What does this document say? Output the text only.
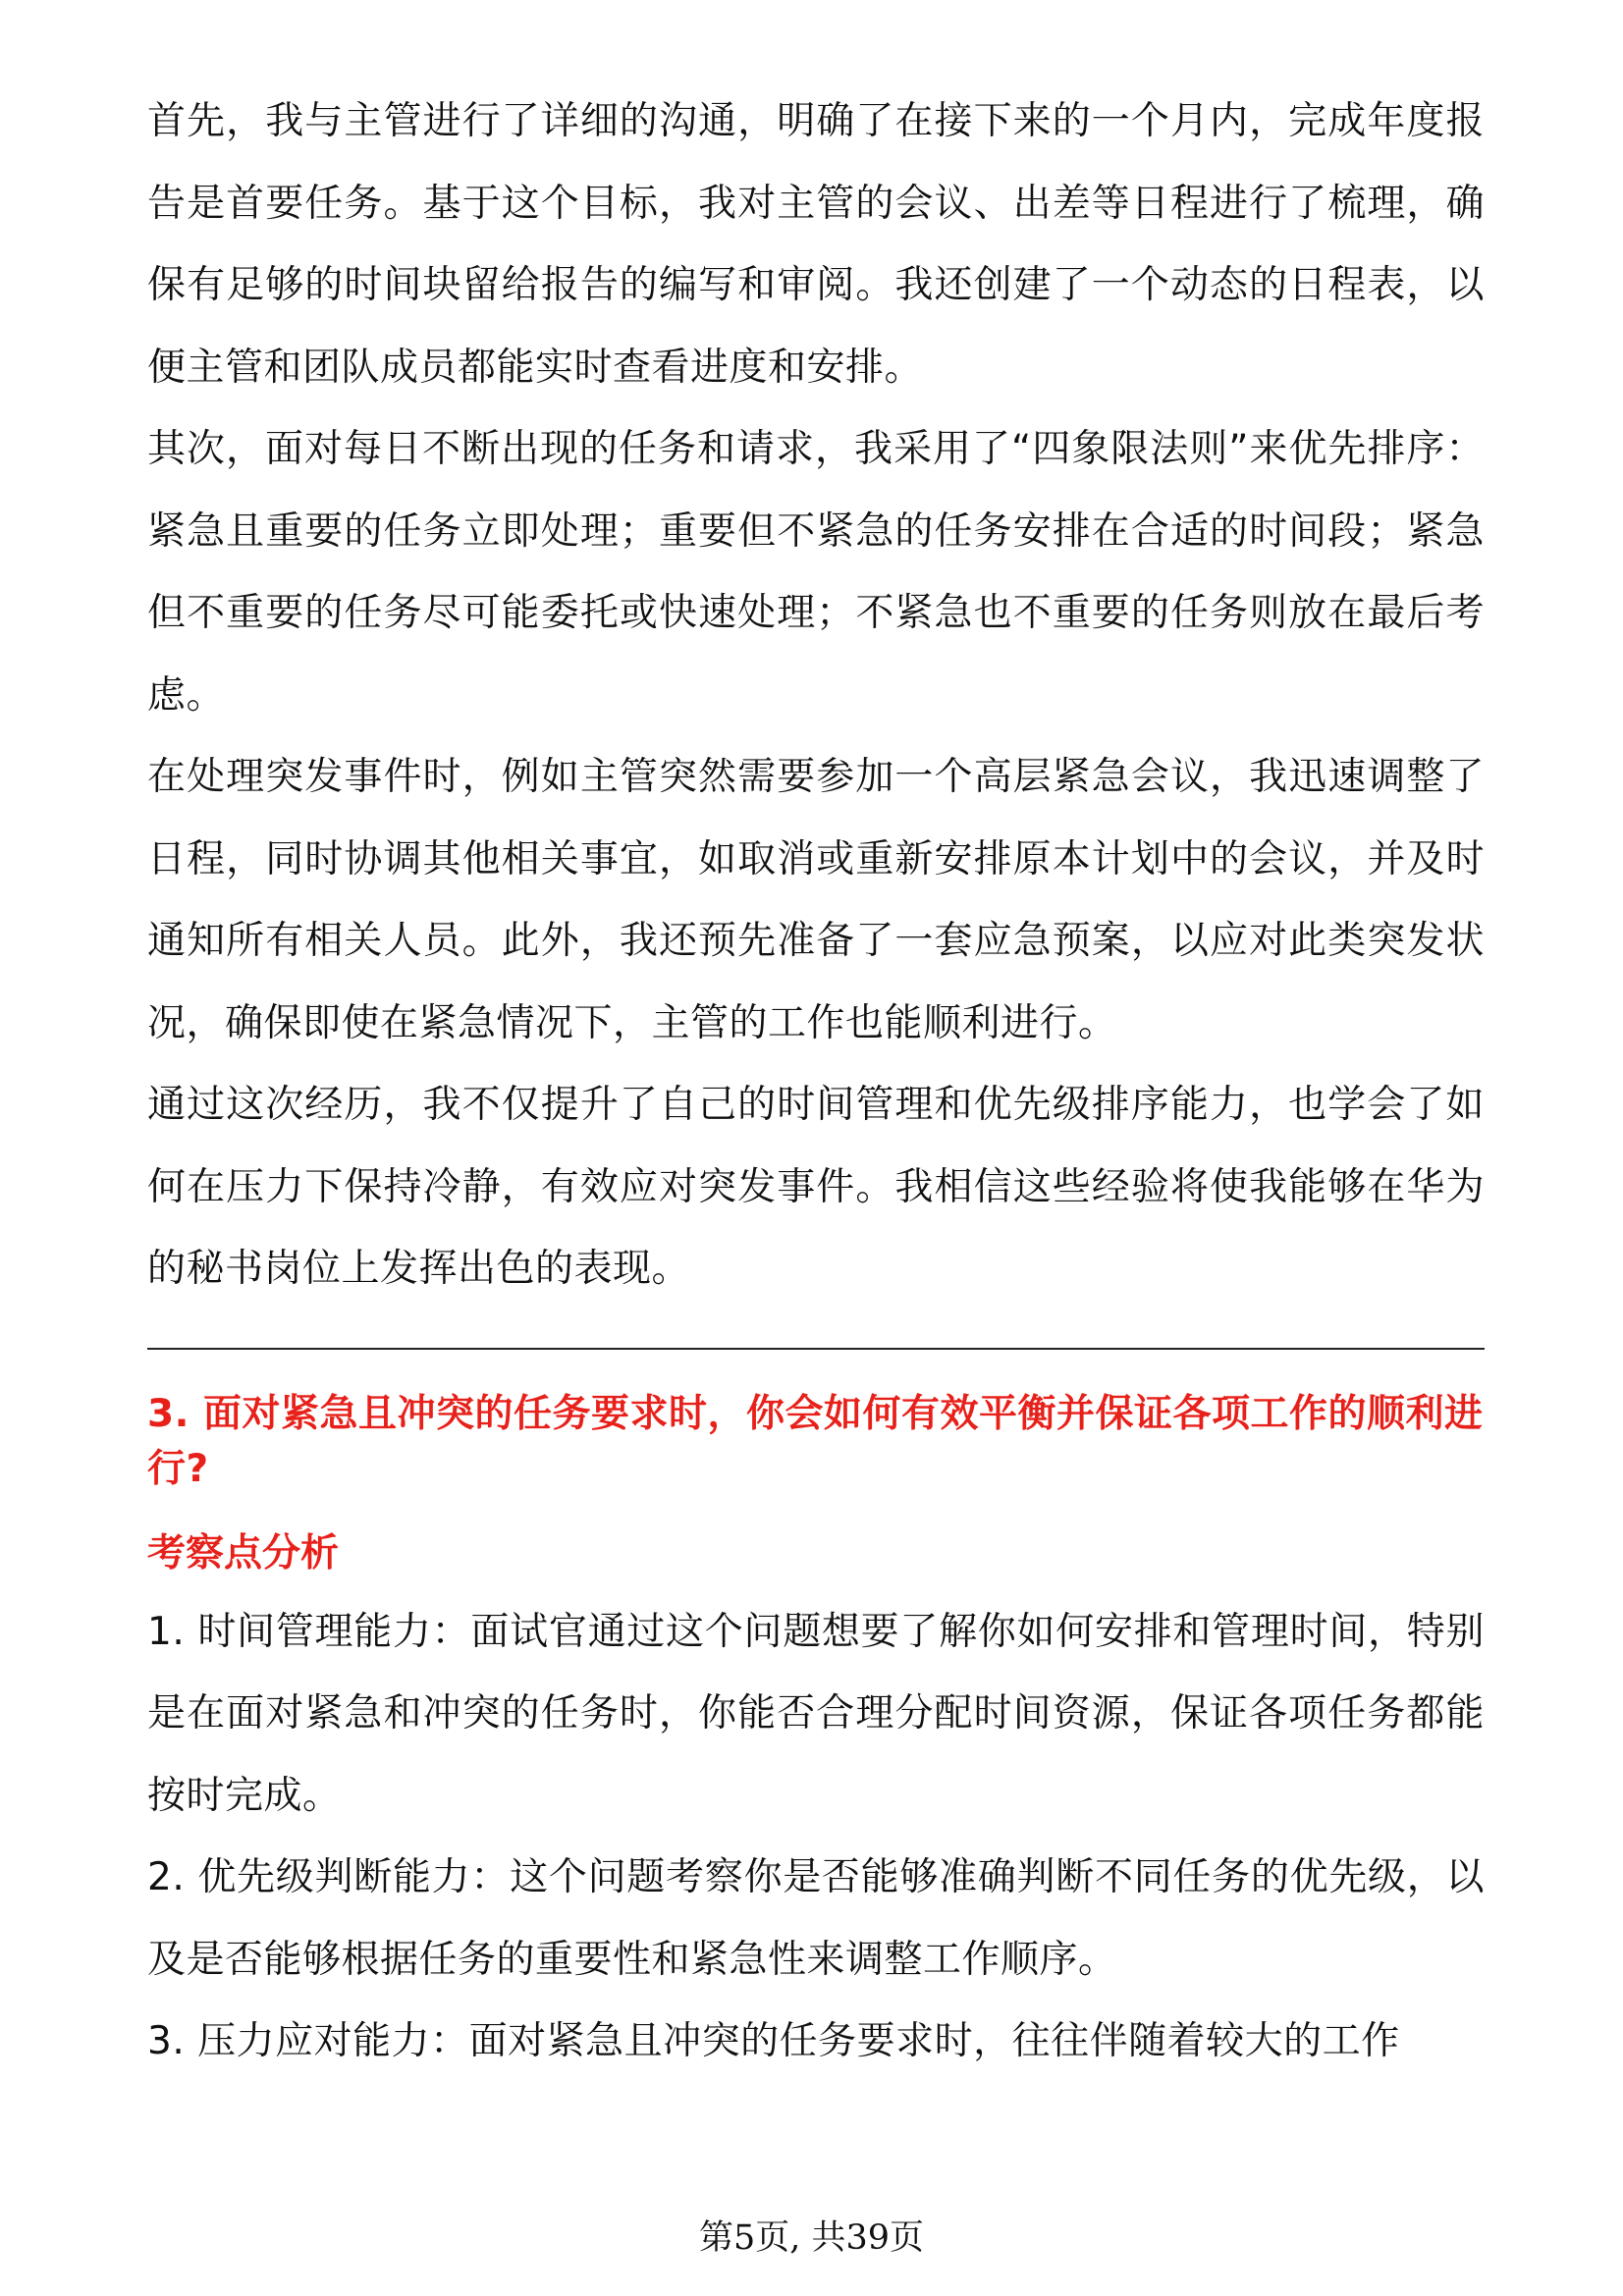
首先，我与主管进行了详细的沟通，明确了在接下来的一个月内，完成年度报告是首要任务。基于这个目标，我对主管的会议、出差等日程进行了梳理，确保有足够的时间块留给报告的编写和审阅。我还创建了一个动态的日程表，以便主管和团队成员都能实时查看进度和安排。

其次，面对每日不断出现的任务和请求，我采用了“四象限法则”来优先排序：紧急且重要的任务立即处理；重要但不紧急的任务安排在合适的时间段；紧急但不重要的任务尽可能委托或快速处理；不紧急也不重要的任务则放在最后考虑。

在处理突发事件时，例如主管突然需要参加一个高层紧急会议，我迅速调整了日程，同时协调其他相关事宜，如取消或重新安排原本计划中的会议，并及时通知所有相关人员。此外，我还预先准备了一套应急预案，以应对此类突发状况，确保即使在紧急情况下，主管的工作也能顺利进行。

通过这次经历，我不仅提升了自己的时间管理和优先级排序能力，也学会了如何在压力下保持冷静，有效应对突发事件。我相信这些经验将使我能够在华为的秘书岗位上发挥出色的表现。

3. 面对紧急且冲突的任务要求时，你会如何有效平衡并保证各项工作的顺利进行?

考察点分析

1. 时间管理能力：面试官通过这个问题想要了解你如何安排和管理时间，特别是在面对紧急和冲突的任务时，你能否合理分配时间资源，保证各项任务都能按时完成。

2. 优先级判断能力：这个问题考察你是否能够准确判断不同任务的优先级，以及是否能够根据任务的重要性和紧急性来调整工作顺序。

3. 压力应对能力：面对紧急且冲突的任务要求时，往往伴随着较大的工作

第5页, 共39页
